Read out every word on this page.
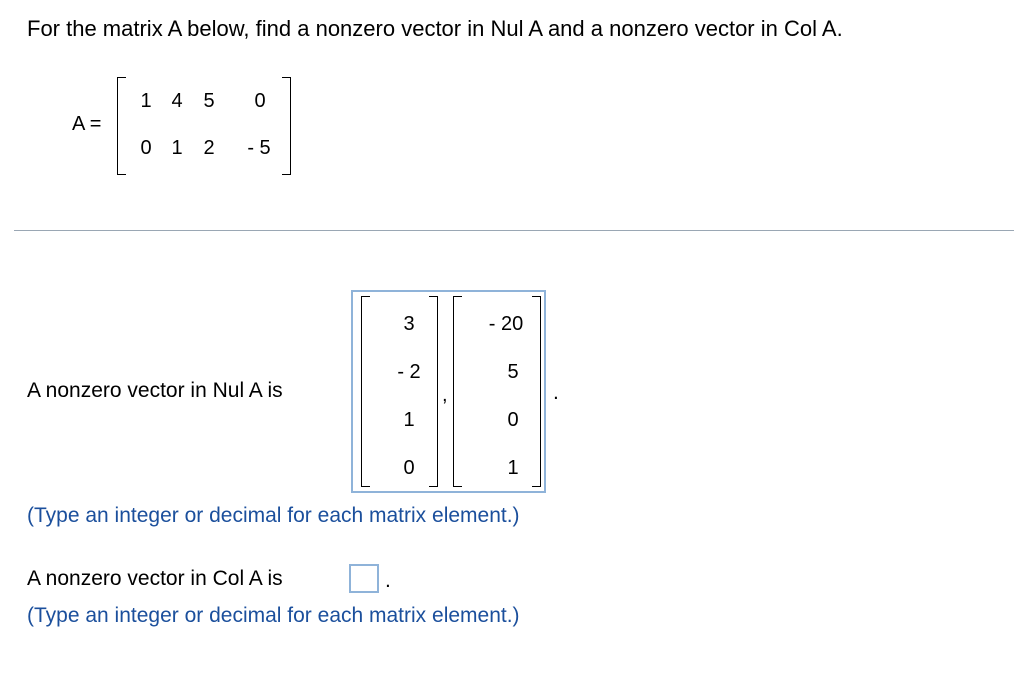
For the matrix A below, find a nonzero vector in Nul A and a nonzero vector in Col A.
A =
1 4	5	0
0 1	2	- 5
A nonzero vector in Nul A is
3
- 2
1
0
,
- 20
5
0
1
.
(Type an integer or decimal for each matrix element.)
A nonzero vector in Col A is	.
(Type an integer or decimal for each matrix element.)
